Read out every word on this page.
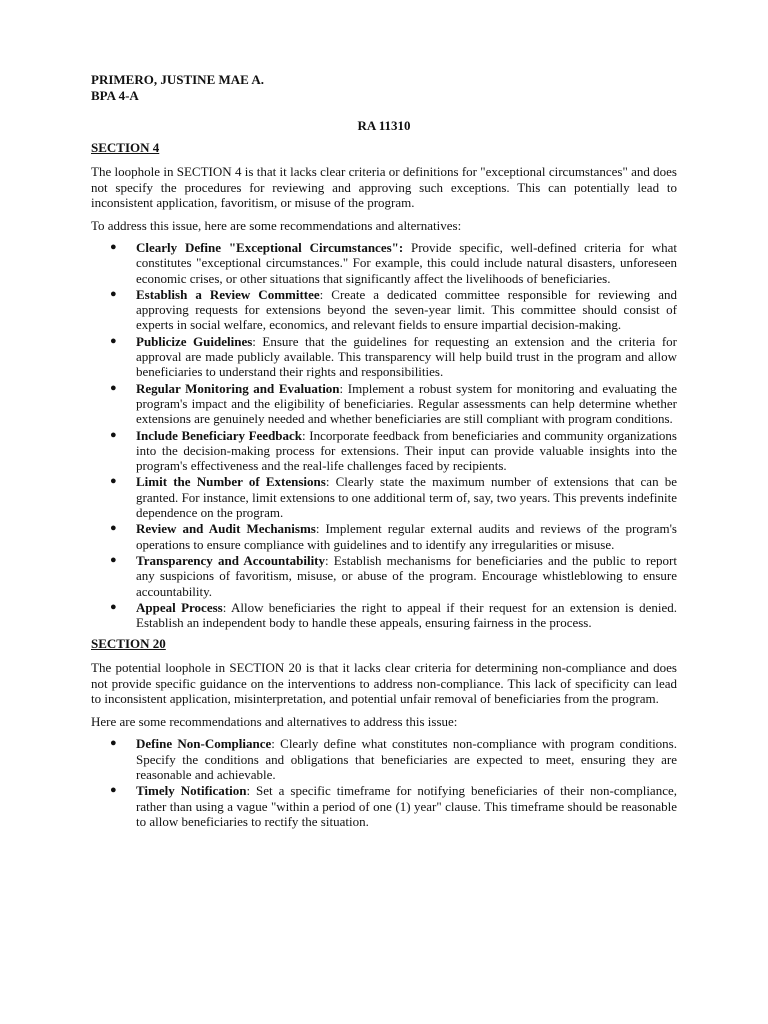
PRIMERO, JUSTINE MAE A.
BPA 4-A
RA 11310
SECTION 4

The loophole in SECTION 4 is that it lacks clear criteria or definitions for "exceptional circumstances" and does not specify the procedures for reviewing and approving such exceptions. This can potentially lead to inconsistent application, favoritism, or misuse of the program.

To address this issue, here are some recommendations and alternatives:

● Clearly Define "Exceptional Circumstances": Provide specific, well-defined criteria for what constitutes "exceptional circumstances." For example, this could include natural disasters, unforeseen economic crises, or other situations that significantly affect the livelihoods of beneficiaries.
● Establish a Review Committee: Create a dedicated committee responsible for reviewing and approving requests for extensions beyond the seven-year limit. This committee should consist of experts in social welfare, economics, and relevant fields to ensure impartial decision-making.
● Publicize Guidelines: Ensure that the guidelines for requesting an extension and the criteria for approval are made publicly available. This transparency will help build trust in the program and allow beneficiaries to understand their rights and responsibilities.
● Regular Monitoring and Evaluation: Implement a robust system for monitoring and evaluating the program's impact and the eligibility of beneficiaries. Regular assessments can help determine whether extensions are genuinely needed and whether beneficiaries are still compliant with program conditions.
● Include Beneficiary Feedback: Incorporate feedback from beneficiaries and community organizations into the decision-making process for extensions. Their input can provide valuable insights into the program's effectiveness and the real-life challenges faced by recipients.
● Limit the Number of Extensions: Clearly state the maximum number of extensions that can be granted. For instance, limit extensions to one additional term of, say, two years. This prevents indefinite dependence on the program.
● Review and Audit Mechanisms: Implement regular external audits and reviews of the program's operations to ensure compliance with guidelines and to identify any irregularities or misuse.
● Transparency and Accountability: Establish mechanisms for beneficiaries and the public to report any suspicions of favoritism, misuse, or abuse of the program. Encourage whistleblowing to ensure accountability.
● Appeal Process: Allow beneficiaries the right to appeal if their request for an extension is denied. Establish an independent body to handle these appeals, ensuring fairness in the process.
SECTION 20

The potential loophole in SECTION 20 is that it lacks clear criteria for determining non-compliance and does not provide specific guidance on the interventions to address non-compliance. This lack of specificity can lead to inconsistent application, misinterpretation, and potential unfair removal of beneficiaries from the program.

Here are some recommendations and alternatives to address this issue:

● Define Non-Compliance: Clearly define what constitutes non-compliance with program conditions. Specify the conditions and obligations that beneficiaries are expected to meet, ensuring they are reasonable and achievable.
● Timely Notification: Set a specific timeframe for notifying beneficiaries of their non-compliance, rather than using a vague "within a period of one (1) year" clause. This timeframe should be reasonable to allow beneficiaries to rectify the situation.
